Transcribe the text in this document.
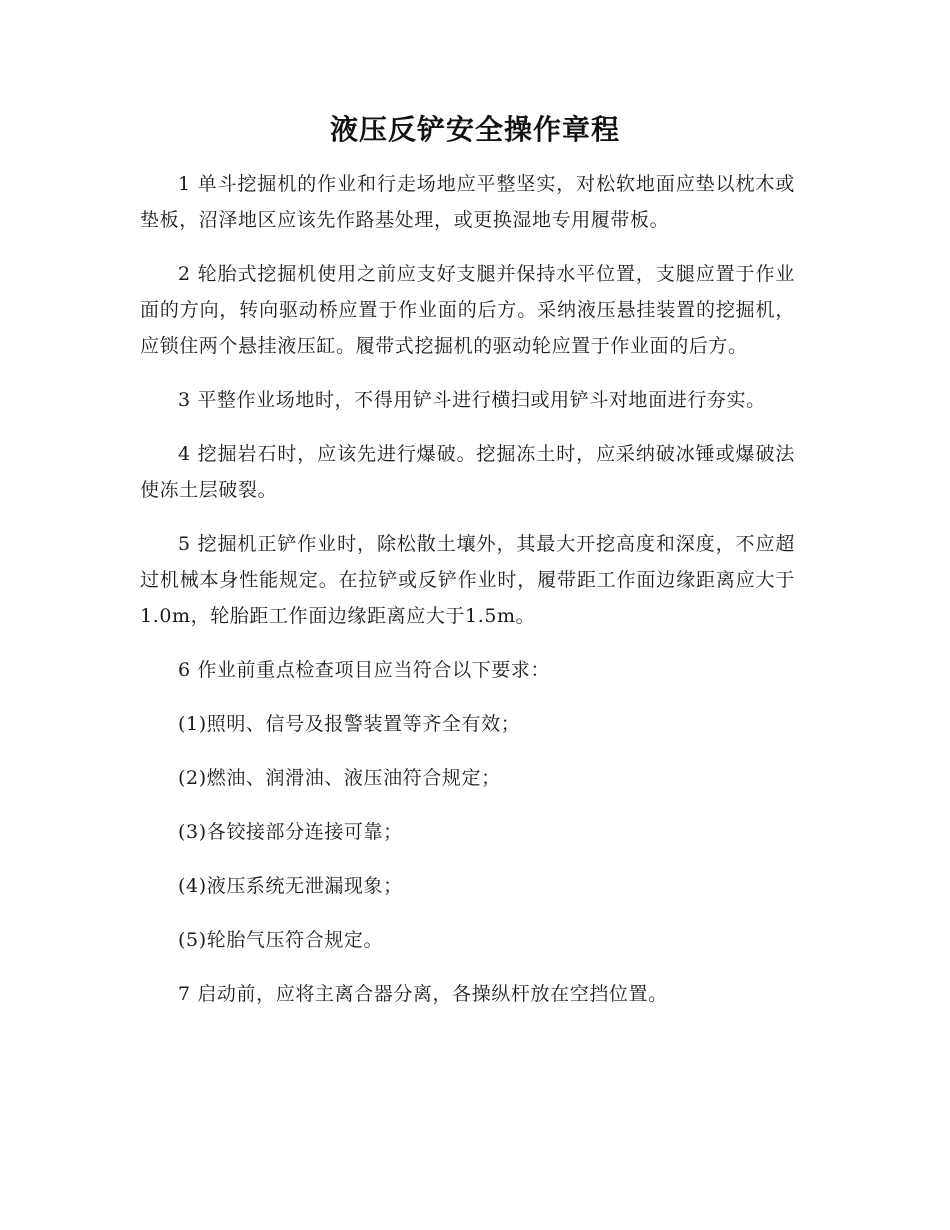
液压反铲安全操作章程

1 单斗挖掘机的作业和行走场地应平整坚实，对松软地面应垫以枕木或垫板，沼泽地区应该先作路基处理，或更换湿地专用履带板。

2 轮胎式挖掘机使用之前应支好支腿并保持水平位置，支腿应置于作业面的方向，转向驱动桥应置于作业面的后方。采纳液压悬挂装置的挖掘机，应锁住两个悬挂液压缸。履带式挖掘机的驱动轮应置于作业面的后方。

3 平整作业场地时，不得用铲斗进行横扫或用铲斗对地面进行夯实。

4 挖掘岩石时，应该先进行爆破。挖掘冻土时，应采纳破冰锤或爆破法使冻土层破裂。

5 挖掘机正铲作业时，除松散土壤外，其最大开挖高度和深度，不应超过机械本身性能规定。在拉铲或反铲作业时，履带距工作面边缘距离应大于1.0m，轮胎距工作面边缘距离应大于1.5m。

6 作业前重点检查项目应当符合以下要求：

(1)照明、信号及报警装置等齐全有效；

(2)燃油、润滑油、液压油符合规定；

(3)各铰接部分连接可靠；

(4)液压系统无泄漏现象；

(5)轮胎气压符合规定。

7 启动前，应将主离合器分离，各操纵杆放在空挡位置。
